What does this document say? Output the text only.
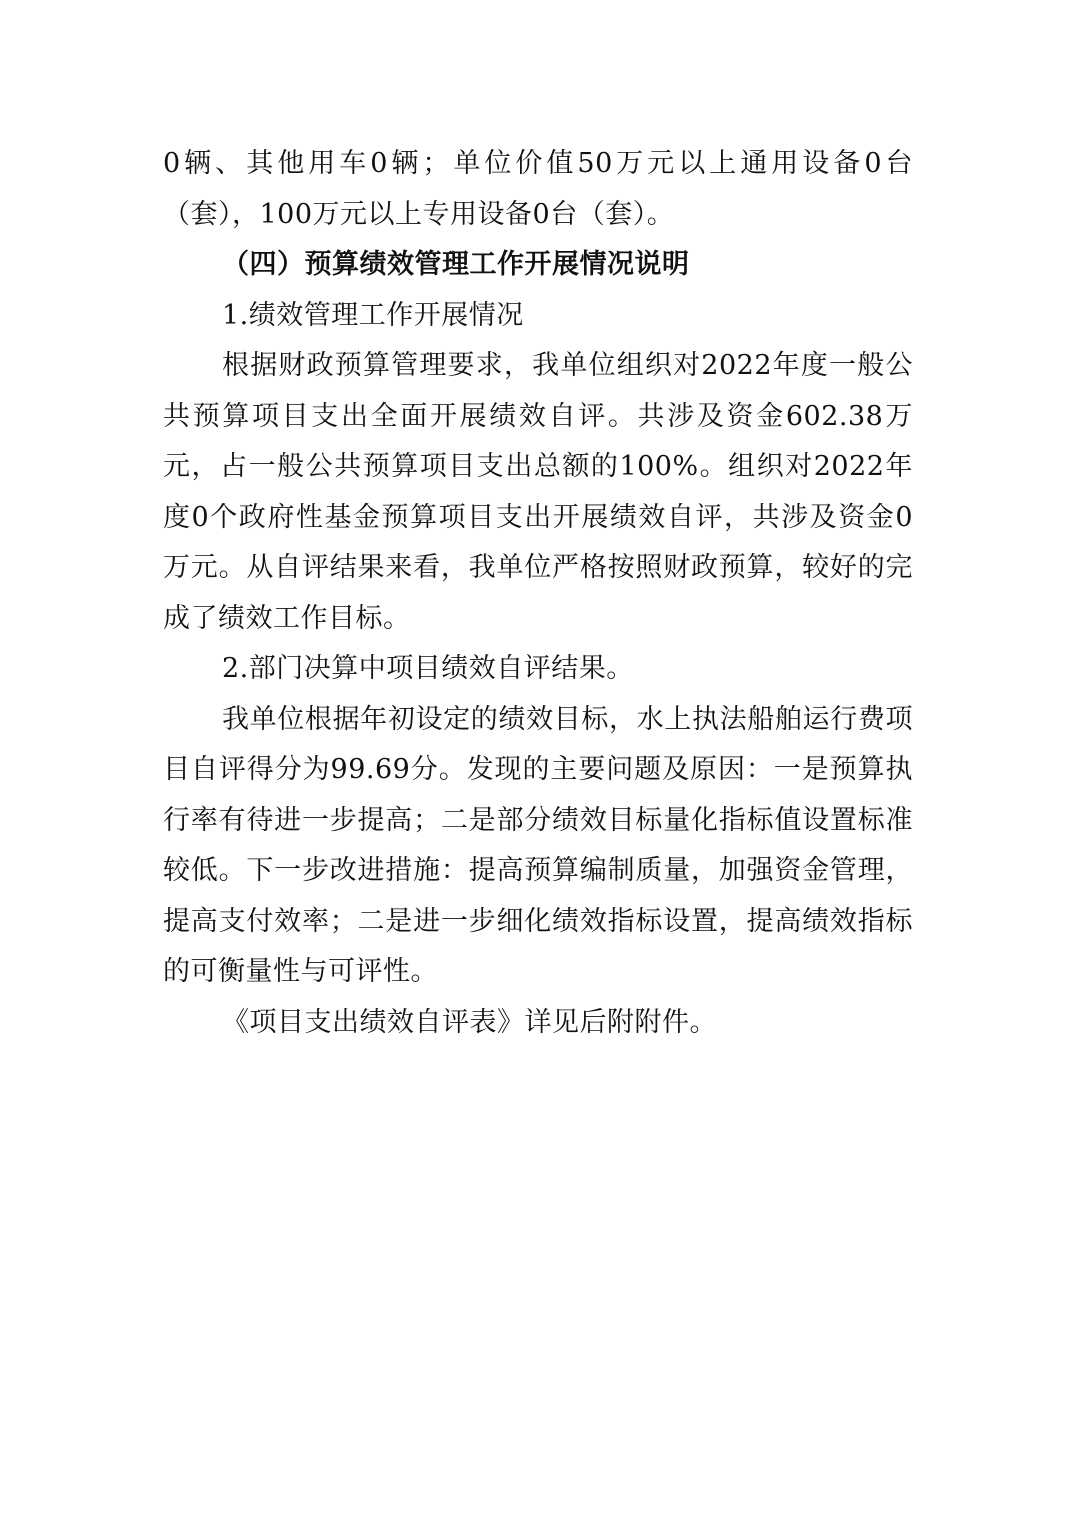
0辆、其他用车0辆；单位价值50万元以上通用设备0台（套），100万元以上专用设备0台（套）。

（四）预算绩效管理工作开展情况说明

1.绩效管理工作开展情况

根据财政预算管理要求，我单位组织对2022年度一般公共预算项目支出全面开展绩效自评。共涉及资金602.38万元，占一般公共预算项目支出总额的100%。组织对2022年度0个政府性基金预算项目支出开展绩效自评，共涉及资金0万元。从自评结果来看，我单位严格按照财政预算，较好的完成了绩效工作目标。

2.部门决算中项目绩效自评结果。

我单位根据年初设定的绩效目标，水上执法船舶运行费项目自评得分为99.69分。发现的主要问题及原因：一是预算执行率有待进一步提高；二是部分绩效目标量化指标值设置标准较低。下一步改进措施：提高预算编制质量，加强资金管理，提高支付效率；二是进一步细化绩效指标设置，提高绩效指标的可衡量性与可评性。

《项目支出绩效自评表》详见后附附件。
